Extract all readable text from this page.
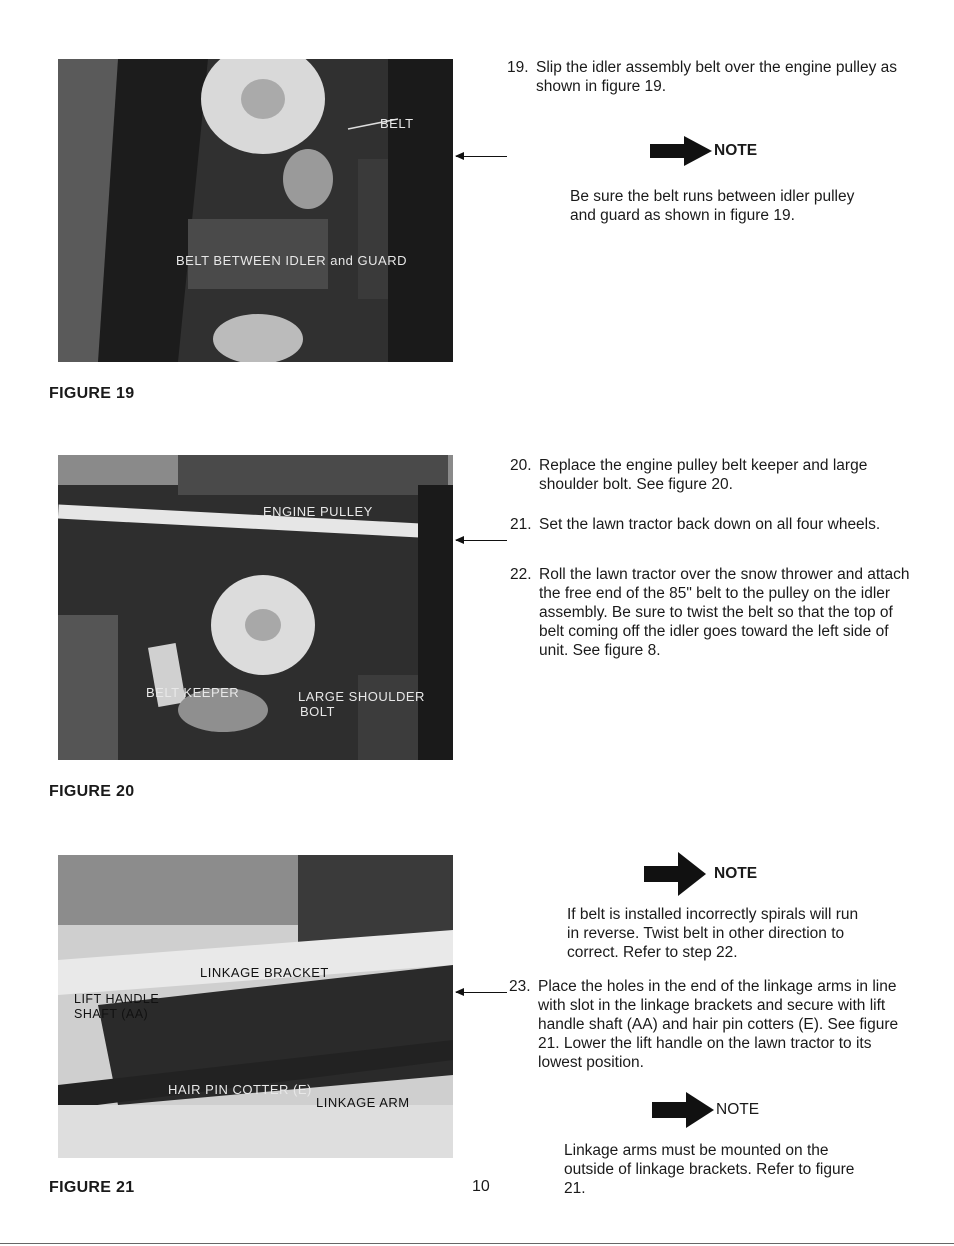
BELT
BELT BETWEEN IDLER and GUARD
FIGURE 19
ENGINE PULLEY
BELT KEEPER	LARGE SHOULDER
BOLT
FIGURE 20
LINKAGE BRACKET
LIFT HANDLE
SHAFT (AA)
HAIR PIN COTTER (E)
LINKAGE ARM
FIGURE 21
19. Slip the idler assembly belt over the engine pulley as shown in figure 19.
NOTE
Be sure the belt runs between idler pulley and guard as shown in figure 19.
20. Replace the engine pulley belt keeper and large shoulder bolt. See figure 20.
21. Set the lawn tractor back down on all four wheels.
22. Roll the lawn tractor over the snow thrower and attach the free end of the 85" belt to the pulley on the idler assembly. Be sure to twist the belt so that the top of belt coming off the idler goes toward the left side of unit. See figure 8.
NOTE
If belt is installed incorrectly spirals will run in reverse. Twist belt in other direction to correct. Refer to step 22.
23. Place the holes in the end of the linkage arms in line with slot in the linkage brackets and secure with lift handle shaft (AA) and hair pin cotters (E). See figure 21. Lower the lift handle on the lawn tractor to its lowest position.
NOTE
Linkage arms must be mounted on the outside of linkage brackets. Refer to figure 21.
10
